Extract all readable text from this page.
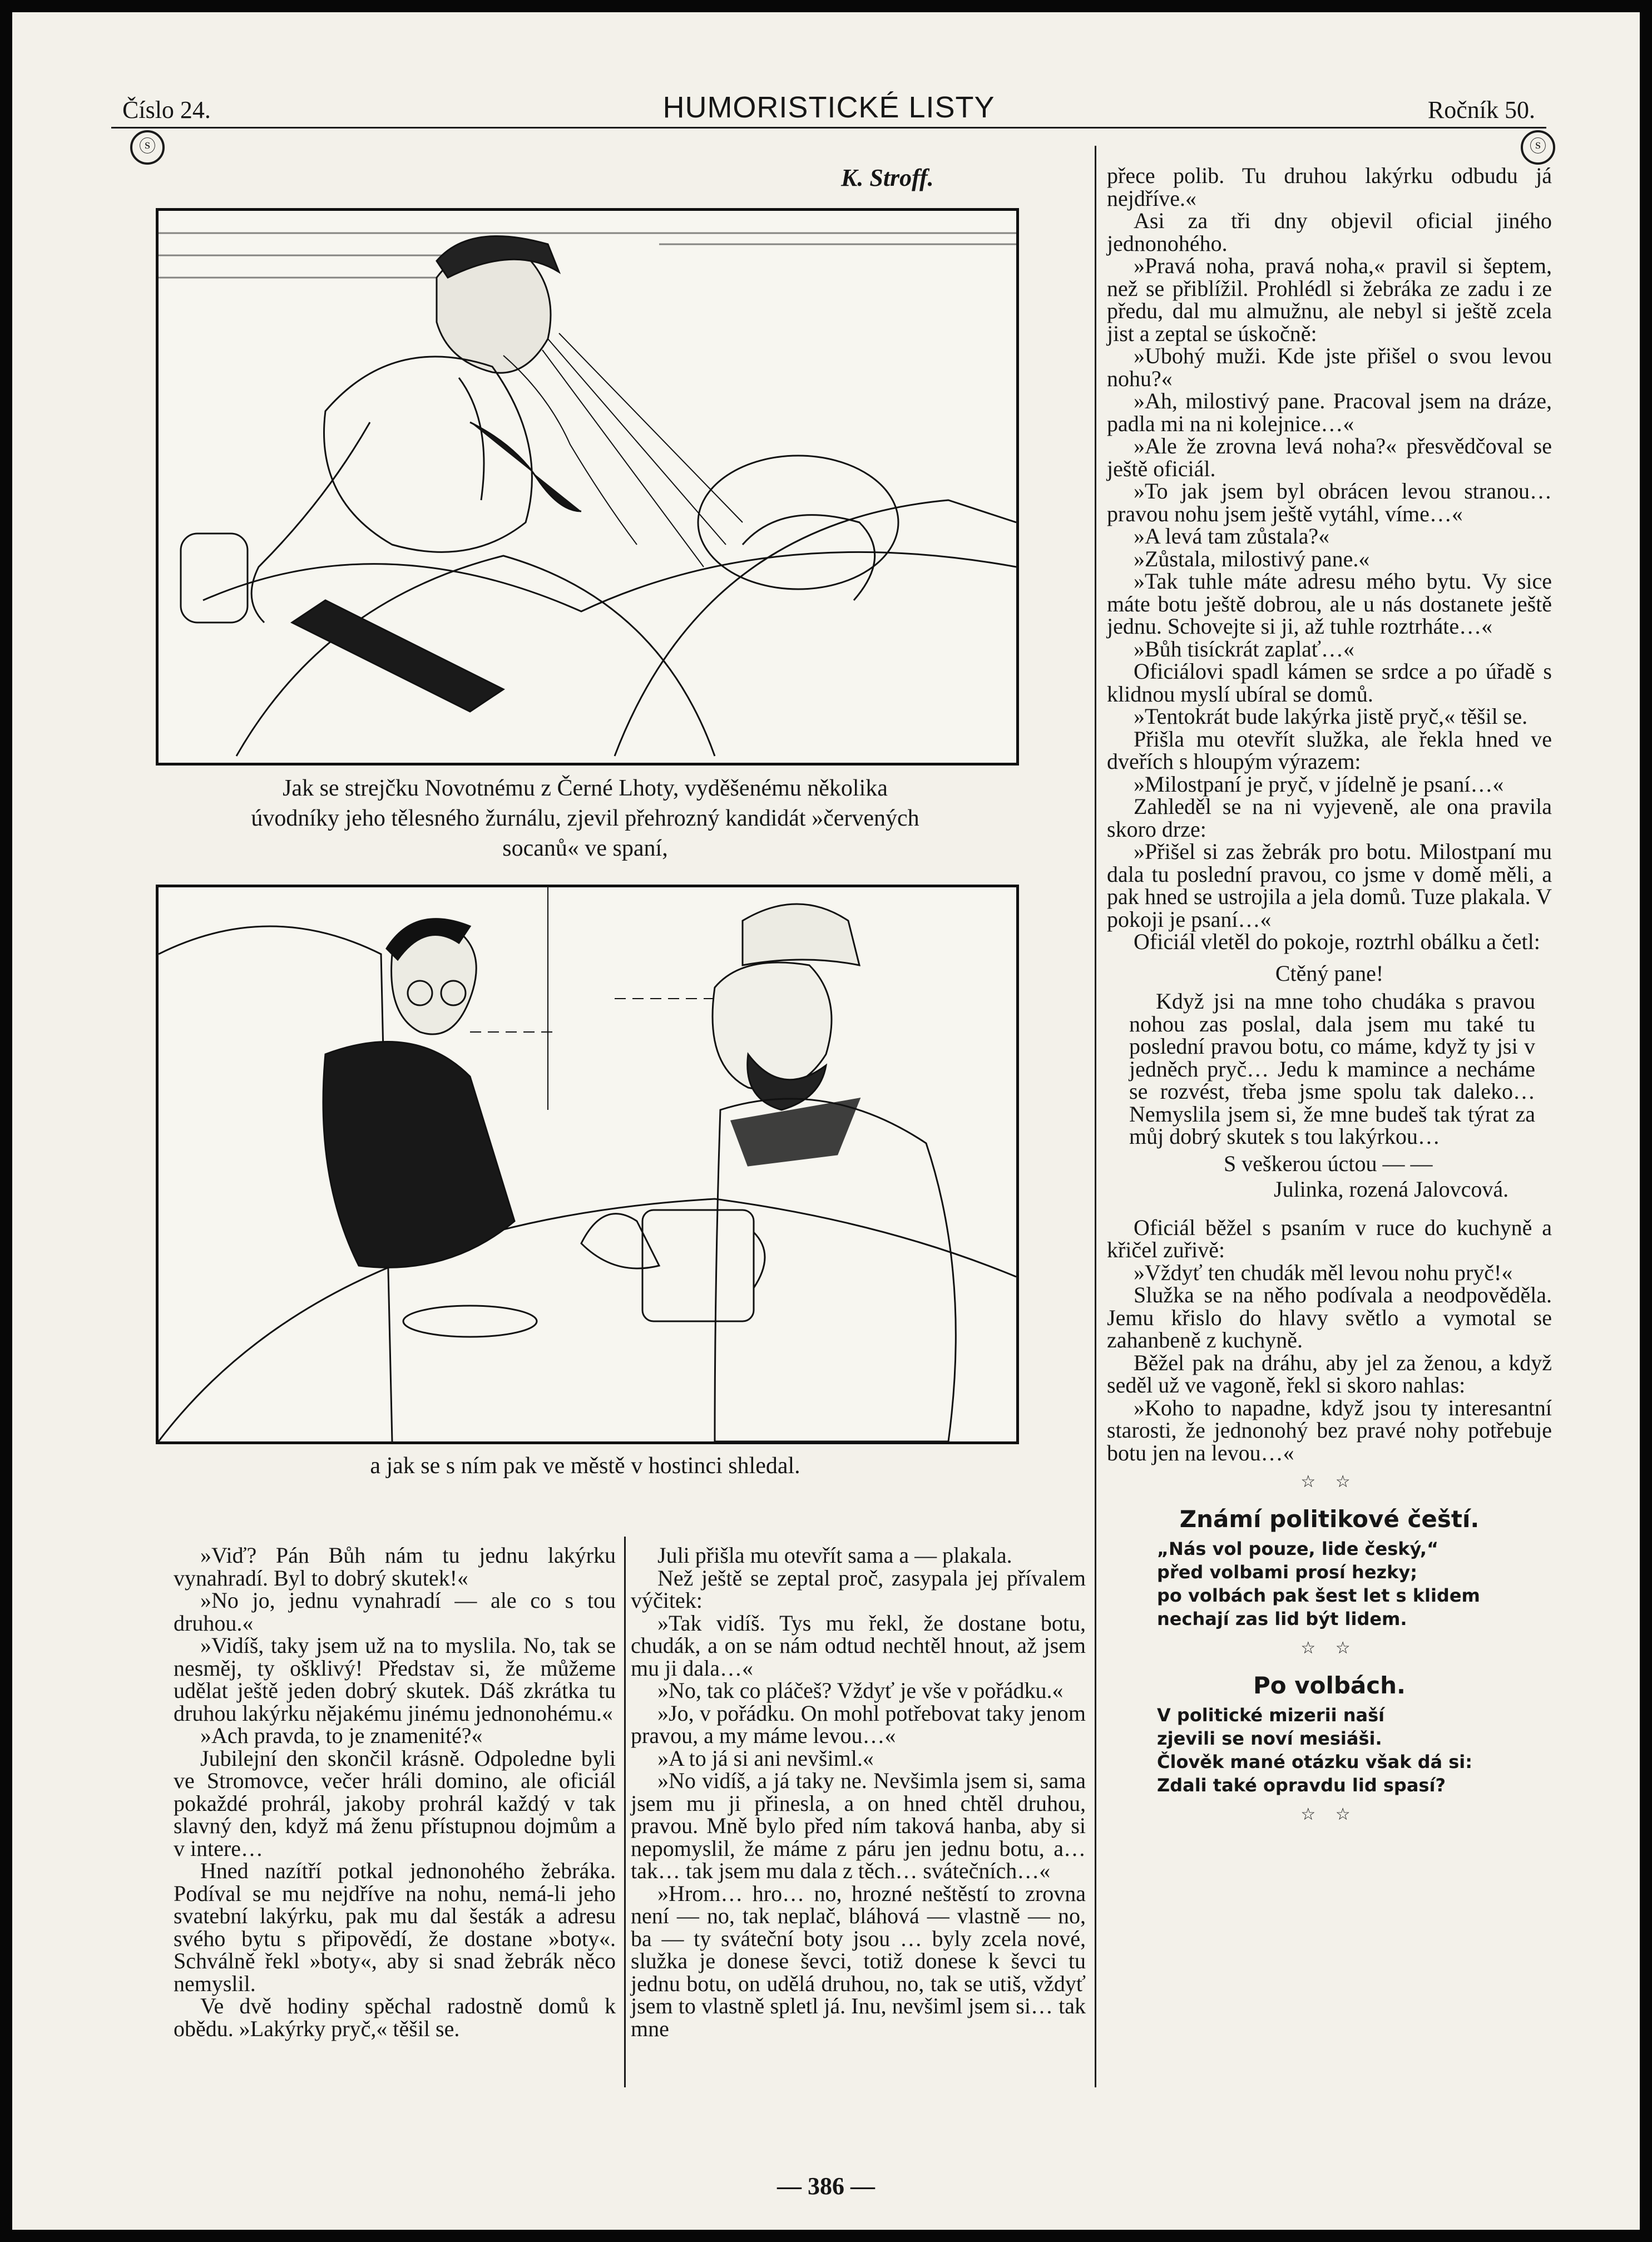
Číslo 24.	HUMORISTICKÉ LISTY	Ročník 50.
ⓢ	ⓢ
K. Stroff.
Jak se strejčku Novotnému z Černé Lhoty, vyděšenému několika úvodníky jeho tělesného žurnálu, zjevil přehrozný kandidát »červených socanů« ve spaní,
a jak se s ním pak ve městě v hostinci shledal.

»Viď? Pán Bůh nám tu jednu lakýrku vynahradí. Byl to dobrý skutek!«

»No jo, jednu vynahradí — ale co s tou druhou.«

»Vidíš, taky jsem už na to myslila. No, tak se nesměj, ty ošklivý! Představ si, že můžeme udělat ještě jeden dobrý skutek. Dáš zkrátka tu druhou lakýrku nějakému jinému jednonohému.«

»Ach pravda, to je znamenité?«

Jubilejní den skončil krásně. Odpoledne byli ve Stromovce, večer hráli domino, ale oficiál pokaždé prohrál, jakoby prohrál každý v tak slavný den, když má ženu přístupnou dojmům a v intere…

Hned nazítří potkal jednonohého žebráka. Podíval se mu nejdříve na nohu, nemá-li jeho svatební lakýrku, pak mu dal šesták a adresu svého bytu s připovědí, že dostane »boty«. Schválně řekl »boty«, aby si snad žebrák něco nemyslil.

Ve dvě hodiny spěchal radostně domů k obědu. »Lakýrky pryč,« těšil se.

Juli přišla mu otevřít sama a — plakala.

Než ještě se zeptal proč, zasypala jej přívalem výčitek:

»Tak vidíš. Tys mu řekl, že dostane botu, chudák, a on se nám odtud nechtěl hnout, až jsem mu ji dala…«

»No, tak co pláčeš? Vždyť je vše v pořádku.«

»Jo, v pořádku. On mohl potřebovat taky jenom pravou, a my máme levou…«

»A to já si ani nevšiml.«

»No vidíš, a já taky ne. Nevšimla jsem si, sama jsem mu ji přinesla, a on hned chtěl druhou, pravou. Mně bylo před ním taková hanba, aby si nepomyslil, že máme z páru jen jednu botu, a… tak… tak jsem mu dala z těch… svátečních…«

»Hrom… hro… no, hrozné neštěstí to zrovna není — no, tak neplač, bláhová — vlastně — no, ba — ty sváteční boty jsou … byly zcela nové, služka je donese ševci, totiž donese k ševci tu jednu botu, on udělá druhou, no, tak se utiš, vždyť jsem to vlastně spletl já. Inu, nevšiml jsem si… tak mne

přece polib. Tu druhou lakýrku odbudu já nejdříve.«

Asi za tři dny objevil oficial jiného jednonohého.

»Pravá noha, pravá noha,« pravil si šeptem, než se přiblížil. Prohlédl si žebráka ze zadu i ze předu, dal mu almužnu, ale nebyl si ještě zcela jist a zeptal se úskočně:

»Ubohý muži. Kde jste přišel o svou levou nohu?«

»Ah, milostivý pane. Pracoval jsem na dráze, padla mi na ni kolejnice…«

»Ale že zrovna levá noha?« přesvědčoval se ještě oficiál.

»To jak jsem byl obrácen levou stranou… pravou nohu jsem ještě vytáhl, víme…«

»A levá tam zůstala?«

»Zůstala, milostivý pane.«

»Tak tuhle máte adresu mého bytu. Vy sice máte botu ještě dobrou, ale u nás dostanete ještě jednu. Schovejte si ji, až tuhle roztrháte…«

»Bůh tisíckrát zaplať…«

Oficiálovi spadl kámen se srdce a po úřadě s klidnou myslí ubíral se domů.

»Tentokrát bude lakýrka jistě pryč,« těšil se.

Přišla mu otevřít služka, ale řekla hned ve dveřích s hloupým výrazem:

»Milostpaní je pryč, v jídelně je psaní…«

Zahleděl se na ni vyjeveně, ale ona pravila skoro drze:

»Přišel si zas žebrák pro botu. Milostpaní mu dala tu poslední pravou, co jsme v domě měli, a pak hned se ustrojila a jela domů. Tuze plakala. V pokoji je psaní…«

Oficiál vletěl do pokoje, roztrhl obálku a četl:

Ctěný pane!

Když jsi na mne toho chudáka s pravou nohou zas poslal, dala jsem mu také tu poslední pravou botu, co máme, když ty jsi v jedněch pryč… Jedu k mamince a necháme se rozvést, třeba jsme spolu tak daleko… Nemyslila jsem si, že mne budeš tak týrat za můj dobrý skutek s tou lakýrkou…

S veškerou úctou — —

Julinka, rozená Jalovcová.

Oficiál běžel s psaním v ruce do kuchyně a křičel zuřivě:

»Vždyť ten chudák měl levou nohu pryč!«

Služka se na něho podívala a neodpověděla. Jemu křislo do hlavy světlo a vymotal se zahanbeně z kuchyně.

Běžel pak na dráhu, aby jel za ženou, a když seděl už ve vagoně, řekl si skoro nahlas:

»Koho to napadne, když jsou ty interesantní starosti, že jednonohý bez pravé nohy potřebuje botu jen na levou…«

☆ ☆
Známí politikové čeští.
„Nás vol pouze, lide český,“
před volbami prosí hezky;
po volbách pak šest let s klidem
nechají zas lid být lidem.
☆ ☆
Po volbách.
V politické mizerii naší
zjevili se noví mesiáši.
Člověk mané otázku však dá si:
Zdali také opravdu lid spasí?
☆ ☆
— 386 —
